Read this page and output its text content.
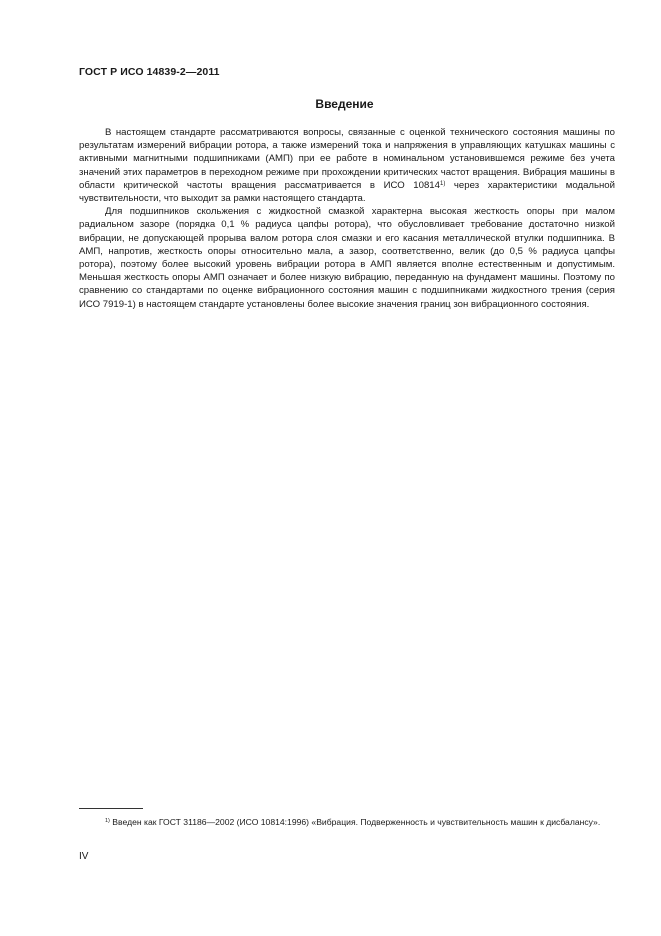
ГОСТ Р ИСО 14839-2—2011
Введение

В настоящем стандарте рассматриваются вопросы, связанные с оценкой технического состояния машины по результатам измерений вибрации ротора, а также измерений тока и напряжения в управляющих катушках машины с активными магнитными подшипниками (АМП) при ее работе в номинальном установившемся режиме без учета значений этих параметров в переходном режиме при прохождении критических частот вращения. Вибрация машины в области критической частоты вращения рассматривается в ИСО 10814$^{1)}$ через характеристики модальной чувствительности, что выходит за рамки настоящего стандарта.

Для подшипников скольжения с жидкостной смазкой характерна высокая жесткость опоры при малом радиальном зазоре (порядка 0,1 % радиуса цапфы ротора), что обусловливает требование достаточно низкой вибрации, не допускающей прорыва валом ротора слоя смазки и его касания металлической втулки подшипника. В АМП, напротив, жесткость опоры относительно мала, а зазор, соответственно, велик (до 0,5 % радиуса цапфы ротора), поэтому более высокий уровень вибрации ротора в АМП является вполне естественным и допустимым. Меньшая жесткость опоры АМП означает и более низкую вибрацию, переданную на фундамент машины. Поэтому по сравнению со стандартами по оценке вибрационного состояния машин с подшипниками жидкостного трения (серия ИСО 7919-1) в настоящем стандарте установлены более высокие значения границ зон вибрационного состояния.

$^{1)}$ Введен как ГОСТ 31186—2002 (ИСО 10814:1996) «Вибрация. Подверженность и чувствительность машин к дисбалансу».
IV
